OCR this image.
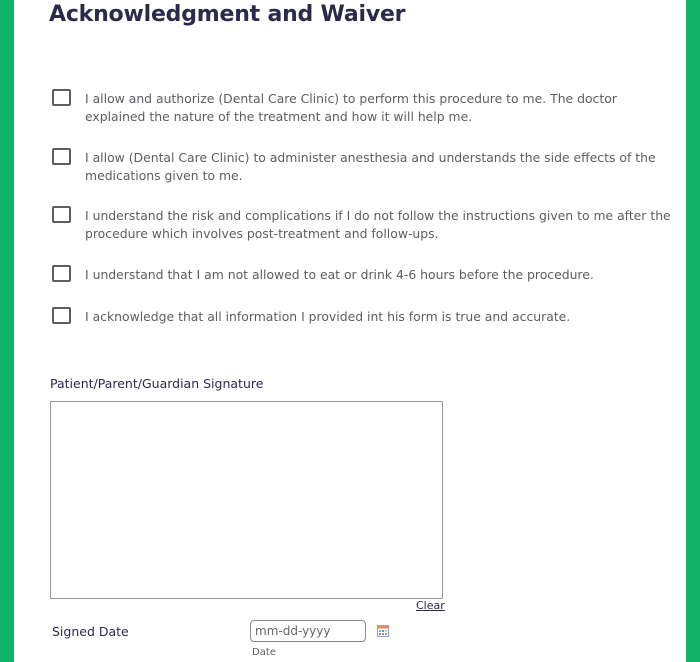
Acknowledgment and Waiver
I allow and authorize (Dental Care Clinic) to perform this procedure to me. The doctor explained the nature of the treatment and how it will help me.
I allow (Dental Care Clinic) to administer anesthesia and understands the side effects of the medications given to me.
I understand the risk and complications if I do not follow the instructions given to me after the procedure which involves post-treatment and follow-ups.
I understand that I am not allowed to eat or drink 4-6 hours before the procedure.
I acknowledge that all information I provided int his form is true and accurate.
Patient/Parent/Guardian Signature
Clear
Signed Date
mm-dd-yyyy
Date
